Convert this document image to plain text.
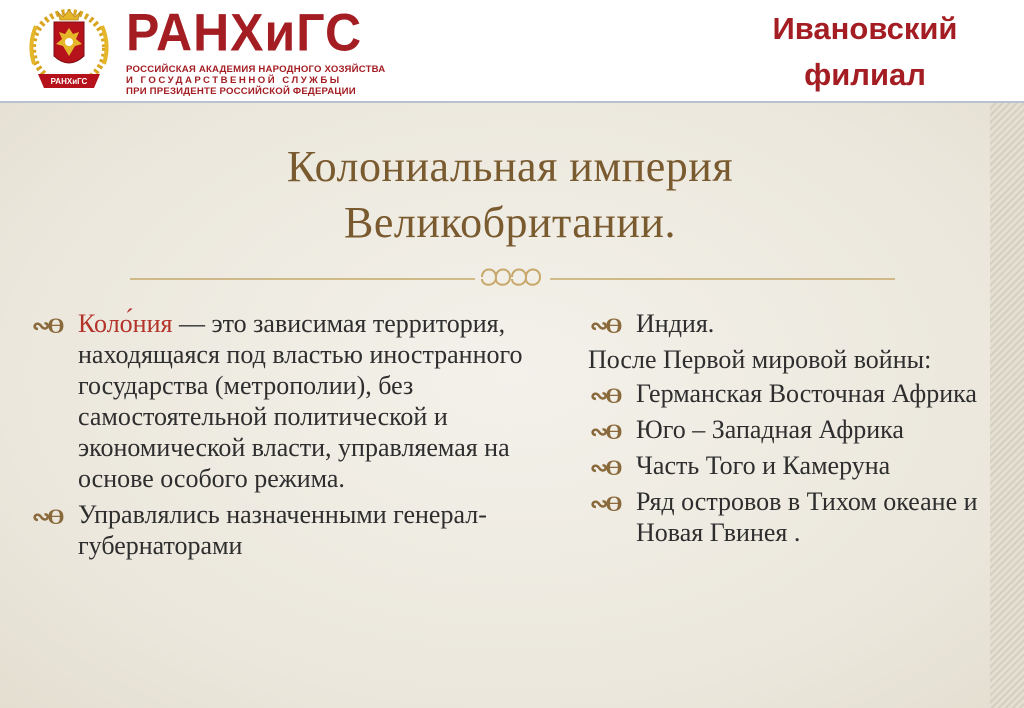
РАНХиГС
РАНХиГС
РОССИЙСКАЯ АКАДЕМИЯ НАРОДНОГО ХОЗЯЙСТВА
И ГОСУДАРСТВЕННОЙ СЛУЖБЫ
ПРИ ПРЕЗИДЕНТЕ РОССИЙСКОЙ ФЕДЕРАЦИИ
Ивановский
филиал
Колониальная империя
Великобритании.
∾ϴ Коло́ния — это зависимая территория, находящаяся под властью иностранного государства (метрополии), без самостоятельной политической и экономической власти, управляемая на основе особого режима.
∾ϴ Управлялись назначенными генерал-губернаторами
∾ϴ Индия.
После Первой мировой войны:
∾ϴ Германская Восточная Африка
∾ϴ Юго – Западная Африка
∾ϴ Часть Того и Камеруна
∾ϴ Ряд островов в Тихом океане и Новая Гвинея .
